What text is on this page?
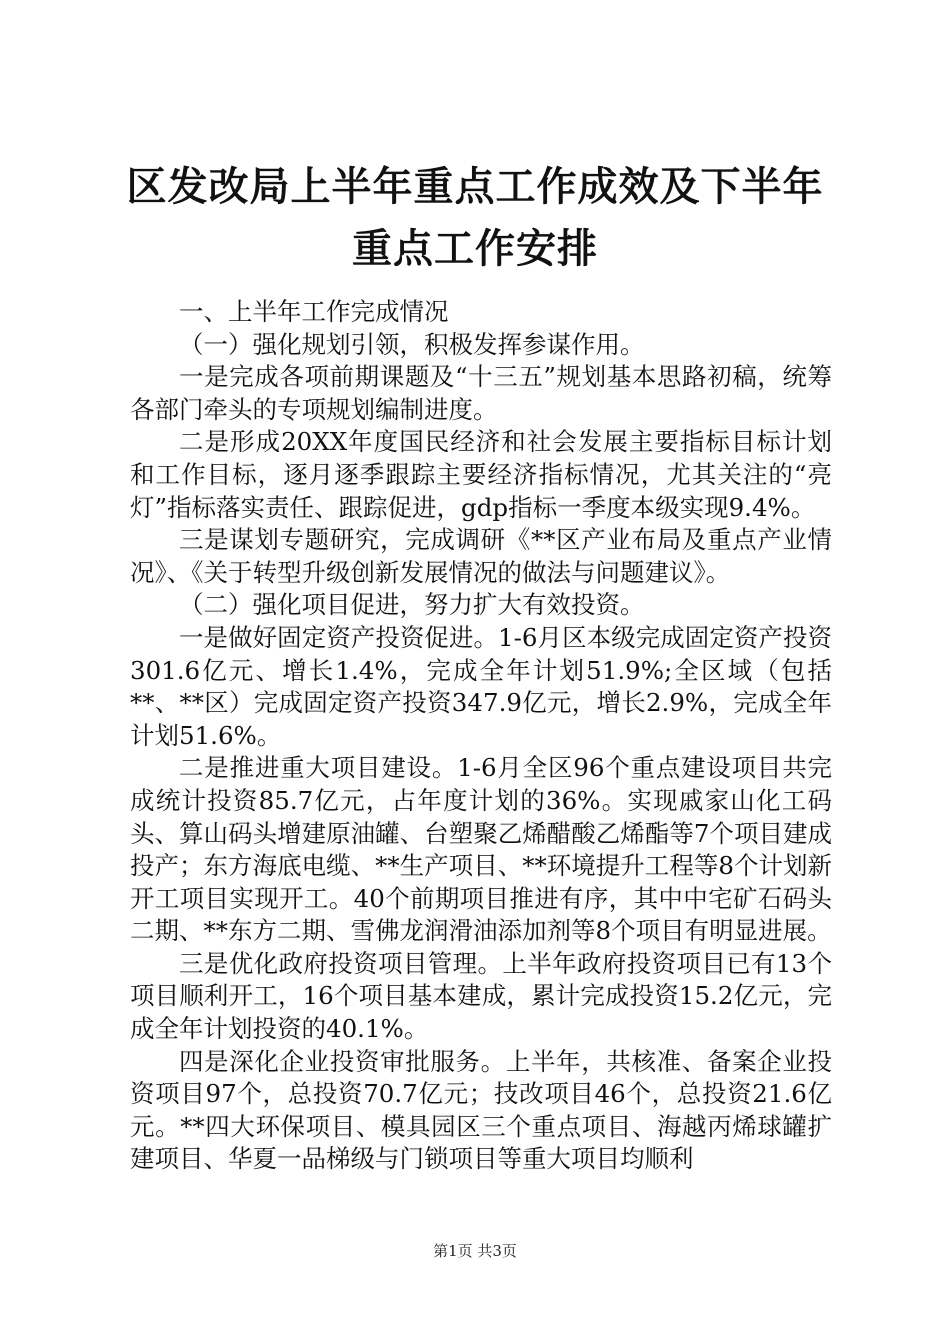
区发改局上半年重点工作成效及下半年重点工作安排

一、上半年工作完成情况

（一）强化规划引领，积极发挥参谋作用。

一是完成各项前期课题及“十三五”规划基本思路初稿，统筹各部门牵头的专项规划编制进度。

二是形成20XX年度国民经济和社会发展主要指标目标计划和工作目标，逐月逐季跟踪主要经济指标情况，尤其关注的“亮灯”指标落实责任、跟踪促进，gdp指标一季度本级实现9.4%。

三是谋划专题研究，完成调研《**区产业布局及重点产业情况》、《关于转型升级创新发展情况的做法与问题建议》。

（二）强化项目促进，努力扩大有效投资。

一是做好固定资产投资促进。1-6月区本级完成固定资产投资301.6亿元、增长1.4%，完成全年计划51.9%;全区域（包括**、**区）完成固定资产投资347.9亿元，增长2.9%，完成全年计划51.6%。

二是推进重大项目建设。1-6月全区96个重点建设项目共完成统计投资85.7亿元，占年度计划的36%。实现戚家山化工码头、算山码头增建原油罐、台塑聚乙烯醋酸乙烯酯等7个项目建成投产；东方海底电缆、**生产项目、**环境提升工程等8个计划新开工项目实现开工。40个前期项目推进有序，其中中宅矿石码头二期、**东方二期、雪佛龙润滑油添加剂等8个项目有明显进展。

三是优化政府投资项目管理。上半年政府投资项目已有13个项目顺利开工，16个项目基本建成，累计完成投资15.2亿元，完成全年计划投资的40.1%。

四是深化企业投资审批服务。上半年，共核准、备案企业投资项目97个，总投资70.7亿元；技改项目46个，总投资21.6亿元。**四大环保项目、模具园区三个重点项目、海越丙烯球罐扩建项目、华夏一品梯级与门锁项目等重大项目均顺利

第1页 共3页
